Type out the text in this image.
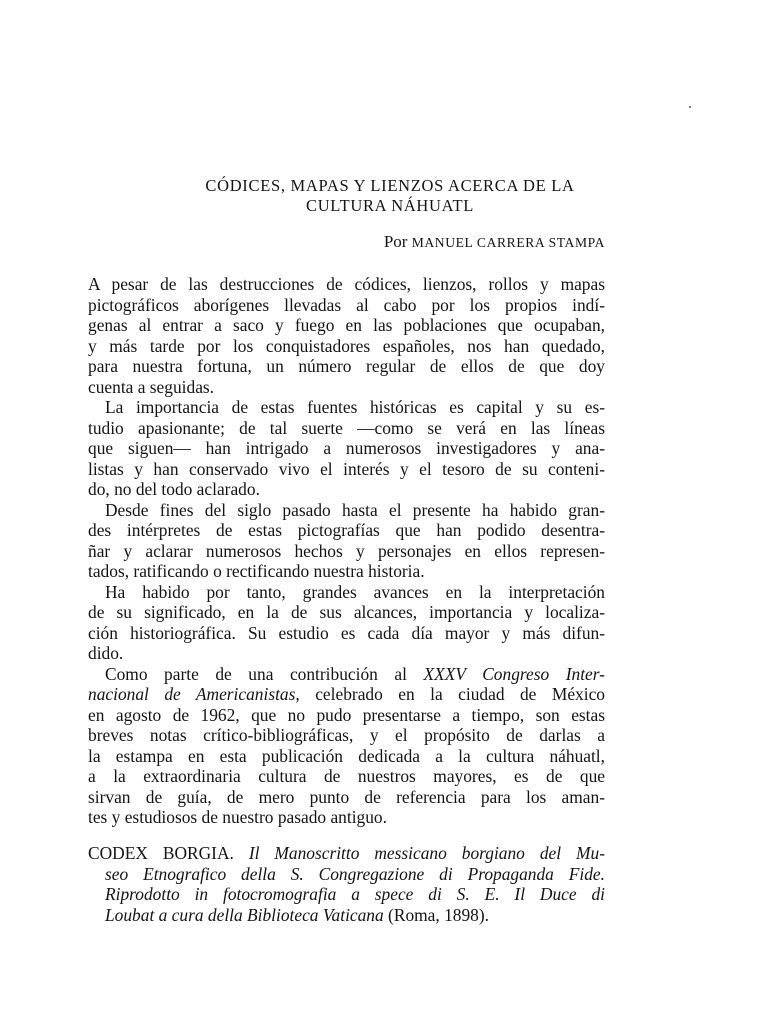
CÓDICES, MAPAS Y LIENZOS ACERCA DE LA
CULTURA NÁHUATL
Por MANUEL CARRERA STAMPA
A pesar de las destrucciones de códices, lienzos, rollos y mapas
pictográficos aborígenes llevadas al cabo por los propios indí-
genas al entrar a saco y fuego en las poblaciones que ocupaban,
y más tarde por los conquistadores españoles, nos han quedado,
para nuestra fortuna, un número regular de ellos de que doy
cuenta a seguidas.
La importancia de estas fuentes históricas es capital y su es-
tudio apasionante; de tal suerte —como se verá en las líneas
que siguen— han intrigado a numerosos investigadores y ana-
listas y han conservado vivo el interés y el tesoro de su conteni-
do, no del todo aclarado.
Desde fines del siglo pasado hasta el presente ha habido gran-
des intérpretes de estas pictografías que han podido desentra-
ñar y aclarar numerosos hechos y personajes en ellos represen-
tados, ratificando o rectificando nuestra historia.
Ha habido por tanto, grandes avances en la interpretación
de su significado, en la de sus alcances, importancia y localiza-
ción historiográfica. Su estudio es cada día mayor y más difun-
dido.
Como parte de una contribución al XXXV Congreso Inter-
nacional de Americanistas, celebrado en la ciudad de México
en agosto de 1962, que no pudo presentarse a tiempo, son estas
breves notas crítico-bibliográficas, y el propósito de darlas a
la estampa en esta publicación dedicada a la cultura náhuatl,
a la extraordinaria cultura de nuestros mayores, es de que
sirvan de guía, de mero punto de referencia para los aman-
tes y estudiosos de nuestro pasado antiguo.
CODEX BORGIA. Il Manoscritto messicano borgiano del Mu-
seo Etnografico della S. Congregazione di Propaganda Fide.
Riprodotto in fotocromografia a spece di S. E. Il Duce di
Loubat a cura della Biblioteca Vaticana (Roma, 1898).
